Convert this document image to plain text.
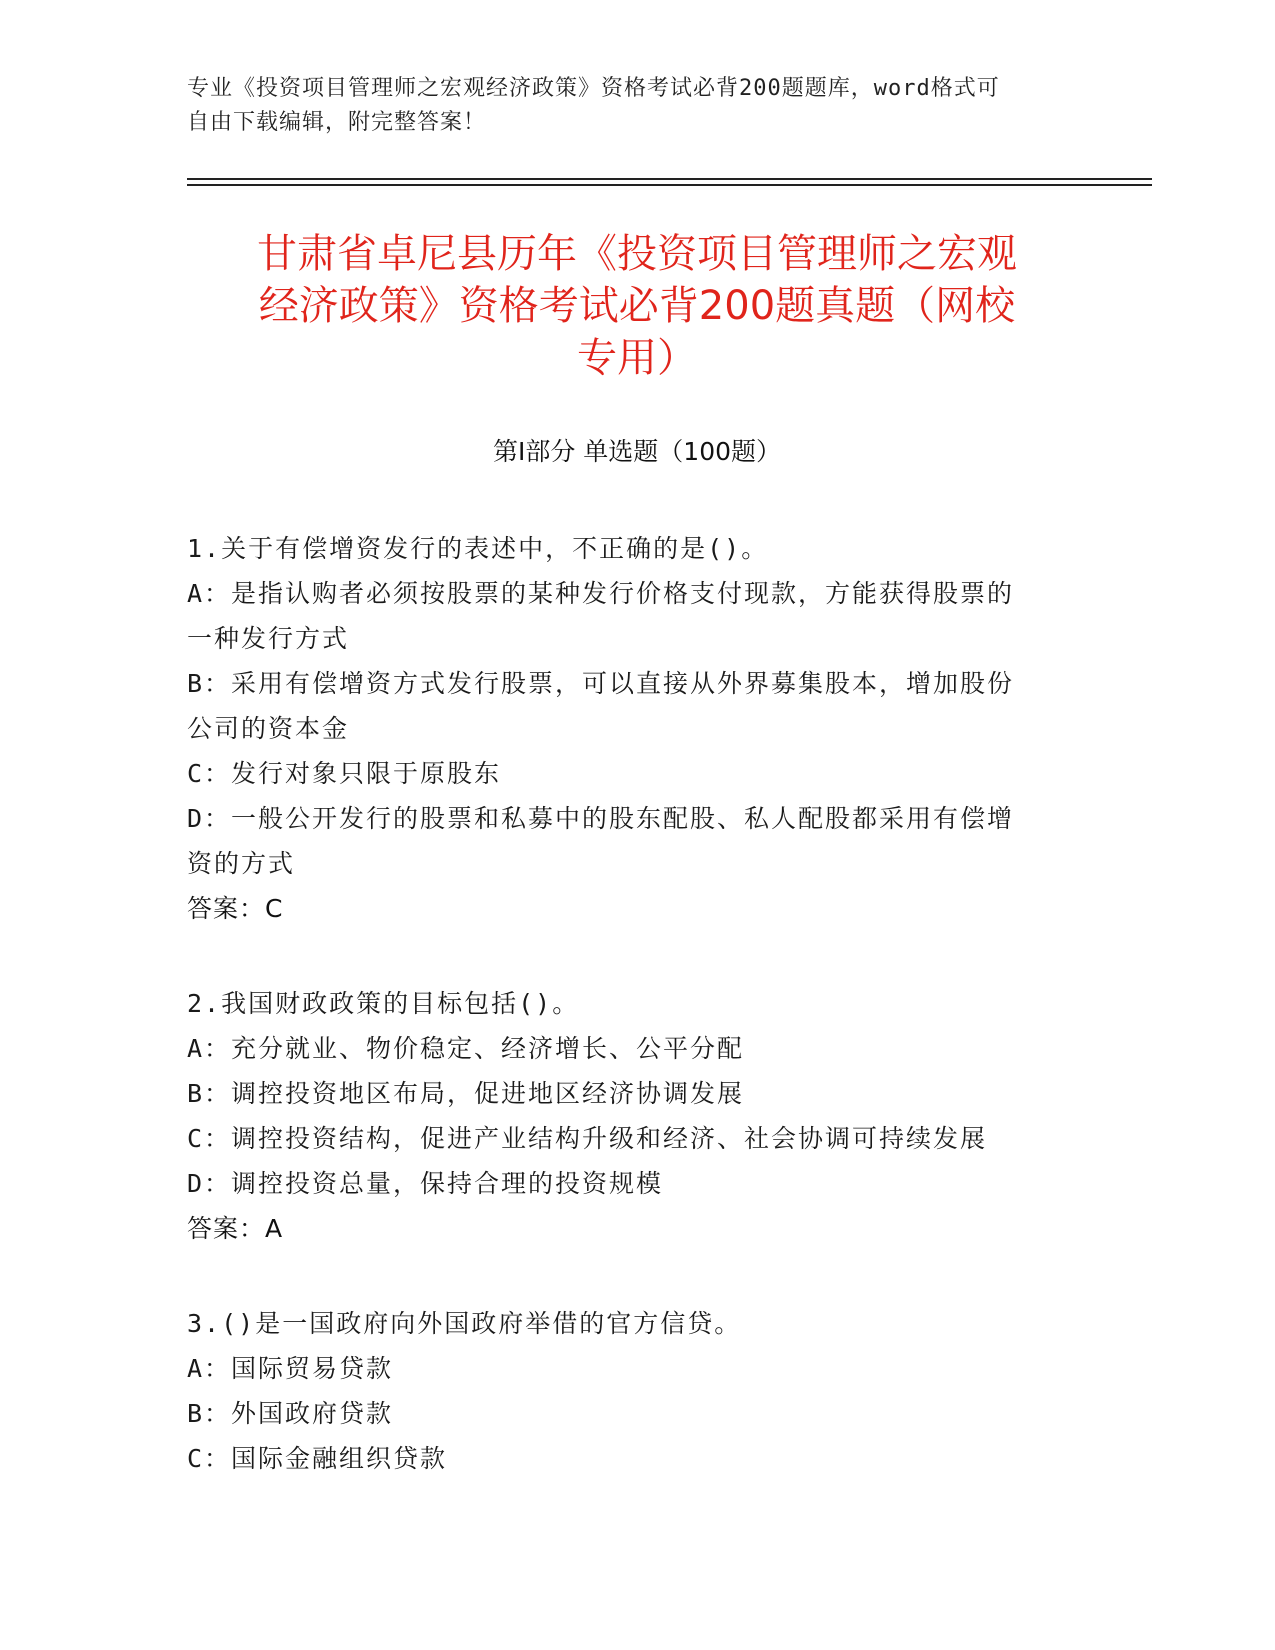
专业《投资项目管理师之宏观经济政策》资格考试必背200题题库，word格式可
自由下载编辑，附完整答案！
甘肃省卓尼县历年《投资项目管理师之宏观
经济政策》资格考试必背200题真题（网校
专用）
第I部分 单选题（100题）
1.关于有偿增资发行的表述中，不正确的是()。
A：是指认购者必须按股票的某种发行价格支付现款，方能获得股票的
一种发行方式
B：采用有偿增资方式发行股票，可以直接从外界募集股本，增加股份
公司的资本金
C：发行对象只限于原股东
D：一般公开发行的股票和私募中的股东配股、私人配股都采用有偿增
资的方式
答案：C
2.我国财政政策的目标包括()。
A：充分就业、物价稳定、经济增长、公平分配
B：调控投资地区布局，促进地区经济协调发展
C：调控投资结构，促进产业结构升级和经济、社会协调可持续发展
D：调控投资总量，保持合理的投资规模
答案：A
3.()是一国政府向外国政府举借的官方信贷。
A：国际贸易贷款
B：外国政府贷款
C：国际金融组织贷款
